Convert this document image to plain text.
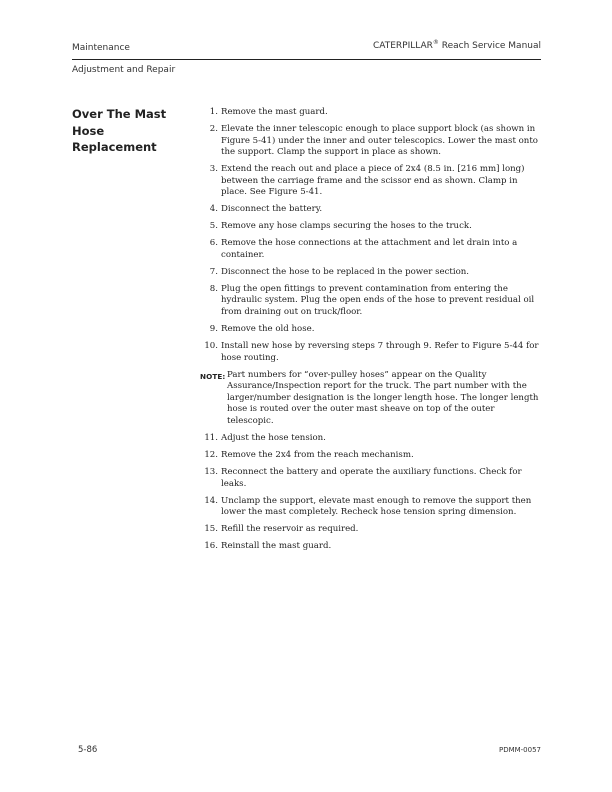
Maintenance	CATERPILLAR® Reach Service Manual
Adjustment and Repair
Over The Mast
Hose Replacement
1. Remove the mast guard.
2. Elevate the inner telescopic enough to place support block (as shown in Figure 5-41) under the inner and outer telescopics. Lower the mast onto the support. Clamp the support in place as shown.
3. Extend the reach out and place a piece of 2x4 (8.5 in. [216 mm] long) between the carriage frame and the scissor end as shown. Clamp in place. See Figure 5-41.
4. Disconnect the battery.
5. Remove any hose clamps securing the hoses to the truck.
6. Remove the hose connections at the attachment and let drain into a container.
7. Disconnect the hose to be replaced in the power section.
8. Plug the open fittings to prevent contamination from entering the hydraulic system. Plug the open ends of the hose to prevent residual oil from draining out on truck/floor.
9. Remove the old hose.
10. Install new hose by reversing steps 7 through 9. Refer to Figure 5-44 for hose routing.
NOTE: Part numbers for “over-pulley hoses” appear on the Quality Assurance/Inspection report for the truck. The part number with the larger/number designation is the longer length hose. The longer length hose is routed over the outer mast sheave on top of the outer telescopic.
11. Adjust the hose tension.
12. Remove the 2x4 from the reach mechanism.
13. Reconnect the battery and operate the auxiliary functions. Check for leaks.
14. Unclamp the support, elevate mast enough to remove the support then lower the mast completely. Recheck hose tension spring dimension.
15. Refill the reservoir as required.
16. Reinstall the mast guard.
5-86	PDMM-0057
